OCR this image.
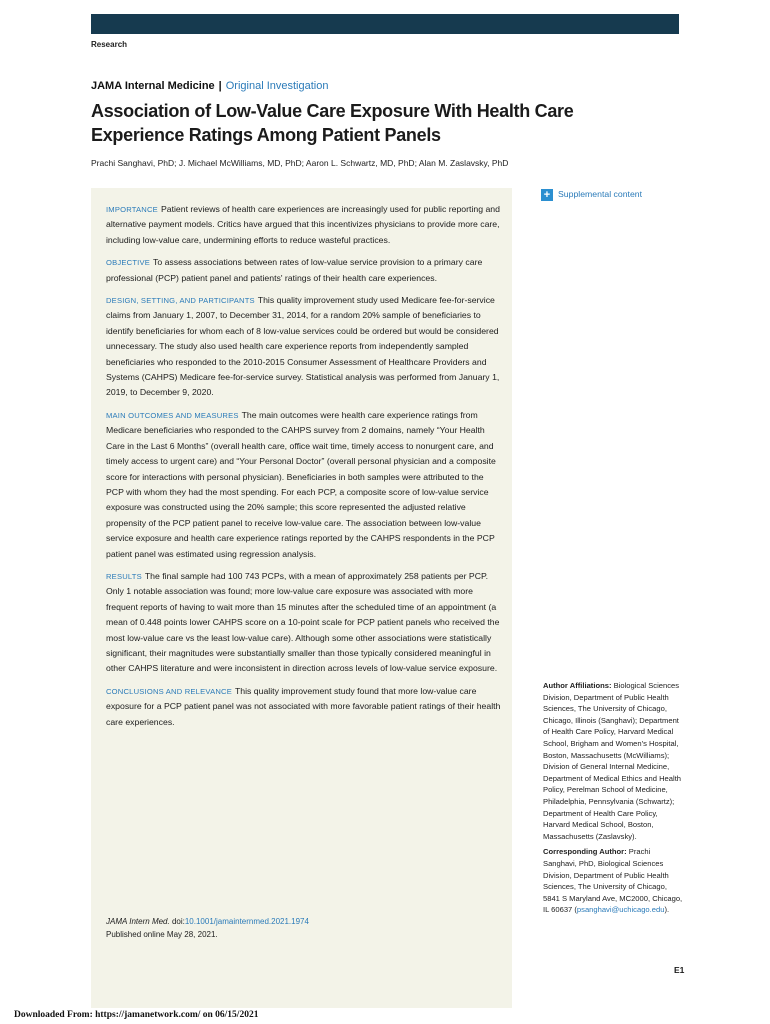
Research
JAMA Internal Medicine | Original Investigation
Association of Low-Value Care Exposure With Health Care Experience Ratings Among Patient Panels
Prachi Sanghavi, PhD; J. Michael McWilliams, MD, PhD; Aaron L. Schwartz, MD, PhD; Alan M. Zaslavsky, PhD

IMPORTANCE Patient reviews of health care experiences are increasingly used for public reporting and alternative payment models. Critics have argued that this incentivizes physicians to provide more care, including low-value care, undermining efforts to reduce wasteful practices.

OBJECTIVE To assess associations between rates of low-value service provision to a primary care professional (PCP) patient panel and patients' ratings of their health care experiences.

DESIGN, SETTING, AND PARTICIPANTS This quality improvement study used Medicare fee-for-service claims from January 1, 2007, to December 31, 2014, for a random 20% sample of beneficiaries to identify beneficiaries for whom each of 8 low-value services could be ordered but would be considered unnecessary. The study also used health care experience reports from independently sampled beneficiaries who responded to the 2010-2015 Consumer Assessment of Healthcare Providers and Systems (CAHPS) Medicare fee-for-service survey. Statistical analysis was performed from January 1, 2019, to December 9, 2020.

MAIN OUTCOMES AND MEASURES The main outcomes were health care experience ratings from Medicare beneficiaries who responded to the CAHPS survey from 2 domains, namely “Your Health Care in the Last 6 Months” (overall health care, office wait time, timely access to nonurgent care, and timely access to urgent care) and “Your Personal Doctor” (overall personal physician and a composite score for interactions with personal physician). Beneficiaries in both samples were attributed to the PCP with whom they had the most spending. For each PCP, a composite score of low-value service exposure was constructed using the 20% sample; this score represented the adjusted relative propensity of the PCP patient panel to receive low-value care. The association between low-value service exposure and health care experience ratings reported by the CAHPS respondents in the PCP patient panel was estimated using regression analysis.

RESULTS The final sample had 100 743 PCPs, with a mean of approximately 258 patients per PCP. Only 1 notable association was found; more low-value care exposure was associated with more frequent reports of having to wait more than 15 minutes after the scheduled time of an appointment (a mean of 0.448 points lower CAHPS score on a 10-point scale for PCP patient panels who received the most low-value care vs the least low-value care). Although some other associations were statistically significant, their magnitudes were substantially smaller than those typically considered meaningful in other CAHPS literature and were inconsistent in direction across levels of low-value service exposure.

CONCLUSIONS AND RELEVANCE This quality improvement study found that more low-value care exposure for a PCP patient panel was not associated with more favorable patient ratings of their health care experiences.

JAMA Intern Med. doi:10.1001/jamainternmed.2021.1974
Published online May 28, 2021.
+ Supplemental content

Author Affiliations: Biological Sciences Division, Department of Public Health Sciences, The University of Chicago, Chicago, Illinois (Sanghavi); Department of Health Care Policy, Harvard Medical School, Brigham and Women's Hospital, Boston, Massachusetts (McWilliams); Division of General Internal Medicine, Department of Medical Ethics and Health Policy, Perelman School of Medicine, Philadelphia, Pennsylvania (Schwartz); Department of Health Care Policy, Harvard Medical School, Boston, Massachusetts (Zaslavsky).

Corresponding Author: Prachi Sanghavi, PhD, Biological Sciences Division, Department of Public Health Sciences, The University of Chicago, 5841 S Maryland Ave, MC2000, Chicago, IL 60637 (psanghavi@uchicago.edu).

E1
Downloaded From: https://jamanetwork.com/ on 06/15/2021
